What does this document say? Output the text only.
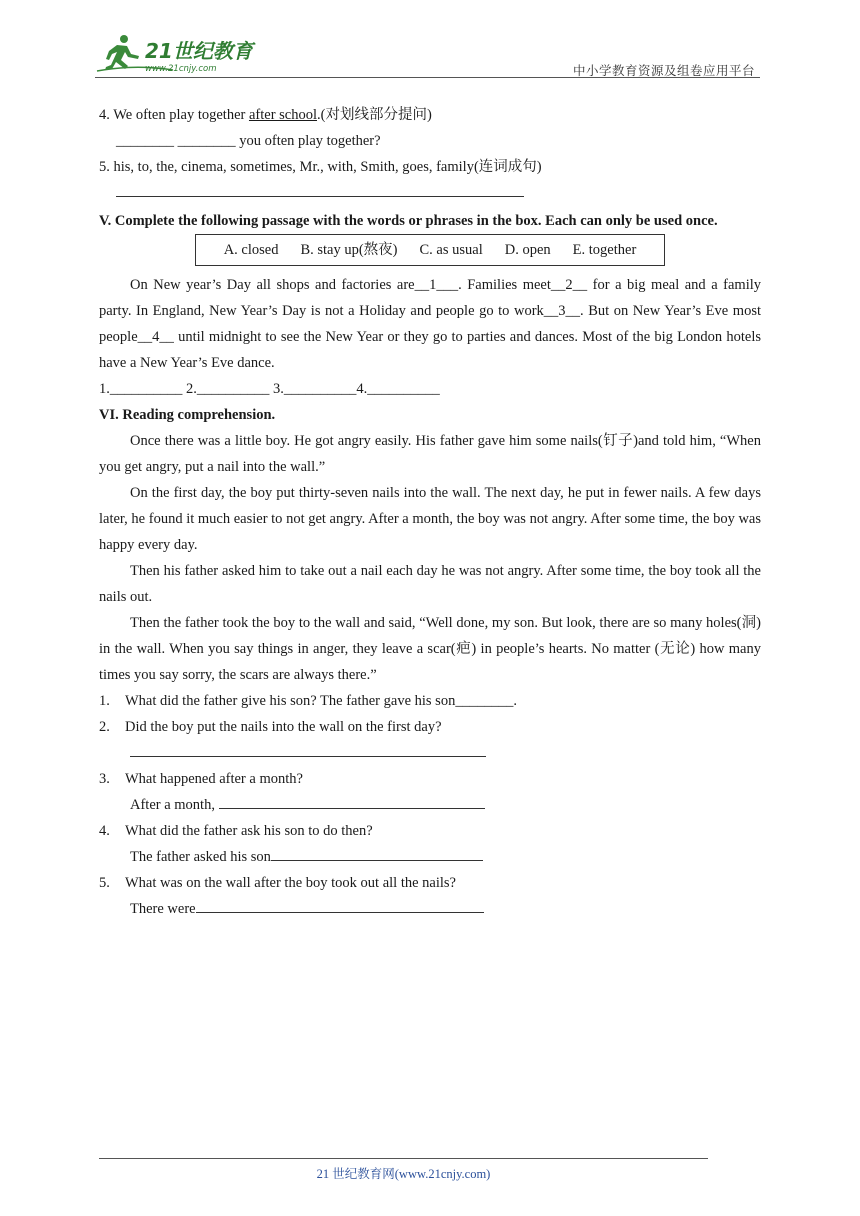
21世纪教育
www.21cnjy.com	中小学教育资源及组卷应用平台
4. We often play together after school.(对划线部分提问)
________ ________ you often play together?
5. his, to, the, cinema, sometimes, Mr., with, Smith, goes, family(连词成句)
V. Complete the following passage with the words or phrases in the box. Each can only be used once.
A. closed B. stay up(熬夜) C. as usual D. open E. together
On New year’s Day all shops and factories are__1___. Families meet__2__ for a big meal and a family party. In England, New Year’s Day is not a Holiday and people go to work__3__. But on New Year’s Eve most people__4__ until midnight to see the New Year or they go to parties and dances. Most of the big London hotels have a New Year’s Eve dance.
1.__________ 2.__________ 3.__________4.__________
VI. Reading comprehension.
Once there was a little boy. He got angry easily. His father gave him some nails(钉子)and told him, “When you get angry, put a nail into the wall.”
On the first day, the boy put thirty-seven nails into the wall. The next day, he put in fewer nails. A few days later, he found it much easier to not get angry. After a month, the boy was not angry. After some time, the boy was happy every day.
Then his father asked him to take out a nail each day he was not angry. After some time, the boy took all the nails out.
Then the father took the boy to the wall and said, “Well done, my son. But look, there are so many holes(洞) in the wall. When you say things in anger, they leave a scar(疤) in people’s hearts. No matter (无论) how many times you say sorry, the scars are always there.”
1. What did the father give his son? The father gave his son________.
2. Did the boy put the nails into the wall on the first day?
3. What happened after a month?
After a month,
4. What did the father ask his son to do then?
The father asked his son
5. What was on the wall after the boy took out all the nails?
There were
21 世纪教育网(www.21cnjy.com)
